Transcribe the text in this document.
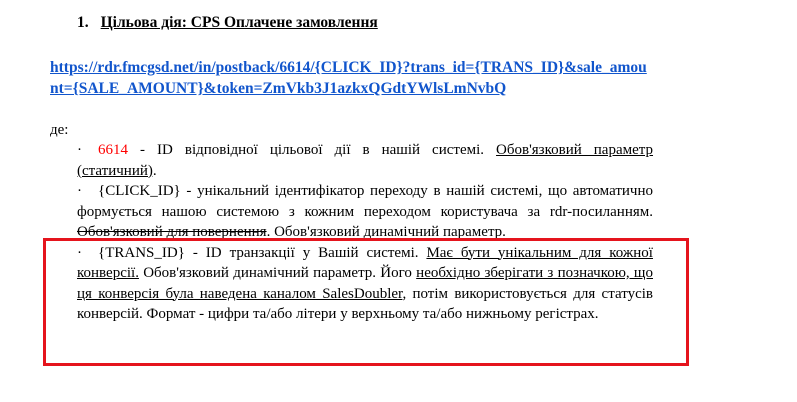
1. Цільова дія: CPS Оплачене замовлення
https://rdr.fmcgsd.net/in/postback/6614/{CLICK_ID}?trans_id={TRANS_ID}&sale_amount={SALE_AMOUNT}&token=ZmVkb3J1azkxQGdtYWlsLmNvbQ
де:

· 6614 - ID відповідної цільової дії в нашій системі. Обов'язковий параметр (статичний).

· {CLICK_ID} - унікальний ідентифікатор переходу в нашій системі, що автоматично формується нашою системою з кожним переходом користувача за rdr-посиланням. Обов'язковий для повернення. Обов'язковий динамічний параметр.

· {TRANS_ID} - ID транзакції у Вашій системі. Має бути унікальним для кожної конверсії. Обов'язковий динамічний параметр. Його необхідно зберігати з позначкою, що ця конверсія була наведена каналом SalesDoubler, потім використовується для статусів конверсій. Формат - цифри та/або літери у верхньому та/або нижньому регістрах.
